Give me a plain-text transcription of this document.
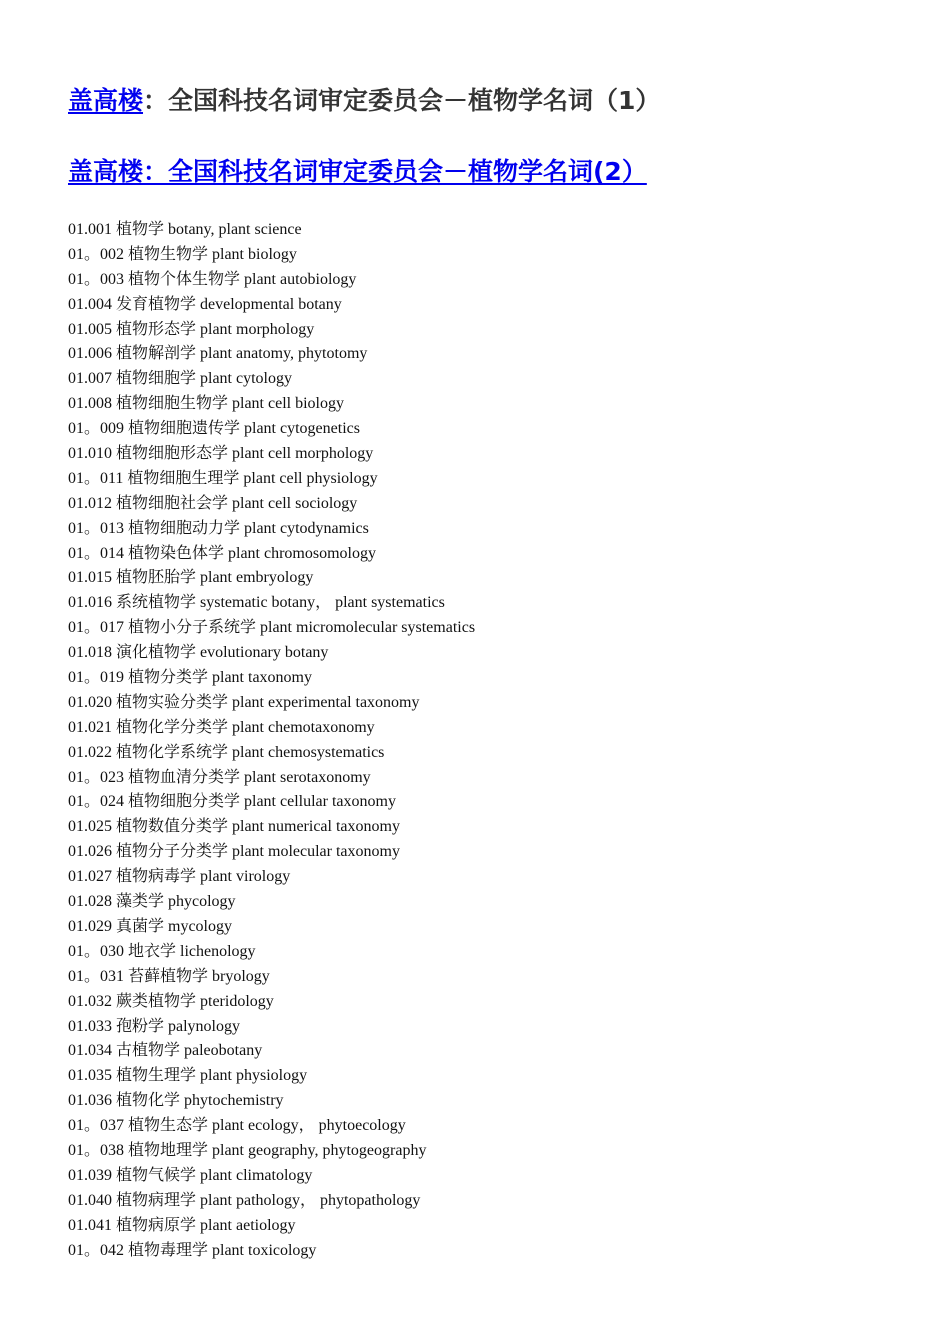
盖高楼：全国科技名词审定委员会－植物学名词（1）
盖高楼：全国科技名词审定委员会－植物学名词(2）
01.001 植物学 botany, plant science
01。002 植物生物学 plant biology
01。003 植物个体生物学 plant autobiology
01.004 发育植物学 developmental botany
01.005 植物形态学 plant morphology
01.006 植物解剖学 plant anatomy, phytotomy
01.007 植物细胞学 plant cytology
01.008 植物细胞生物学 plant cell biology
01。009 植物细胞遗传学 plant cytogenetics
01.010 植物细胞形态学 plant cell morphology
01。011 植物细胞生理学 plant cell physiology
01.012 植物细胞社会学 plant cell sociology
01。013 植物细胞动力学 plant cytodynamics
01。014 植物染色体学 plant chromosomology
01.015 植物胚胎学 plant embryology
01.016 系统植物学 systematic botany， plant systematics
01。017 植物小分子系统学 plant micromolecular systematics
01.018 演化植物学 evolutionary botany
01。019 植物分类学 plant taxonomy
01.020 植物实验分类学 plant experimental taxonomy
01.021 植物化学分类学 plant chemotaxonomy
01.022 植物化学系统学 plant chemosystematics
01。023 植物血清分类学 plant serotaxonomy
01。024 植物细胞分类学 plant cellular taxonomy
01.025 植物数值分类学 plant numerical taxonomy
01.026 植物分子分类学 plant molecular taxonomy
01.027 植物病毒学 plant virology
01.028 藻类学 phycology
01.029 真菌学 mycology
01。030 地衣学 lichenology
01。031 苔藓植物学 bryology
01.032 蕨类植物学 pteridology
01.033 孢粉学 palynology
01.034 古植物学 paleobotany
01.035 植物生理学 plant physiology
01.036 植物化学 phytochemistry
01。037 植物生态学 plant ecology， phytoecology
01。038 植物地理学 plant geography, phytogeography
01.039 植物气候学 plant climatology
01.040 植物病理学 plant pathology， phytopathology
01.041 植物病原学 plant aetiology
01。042 植物毒理学 plant toxicology
